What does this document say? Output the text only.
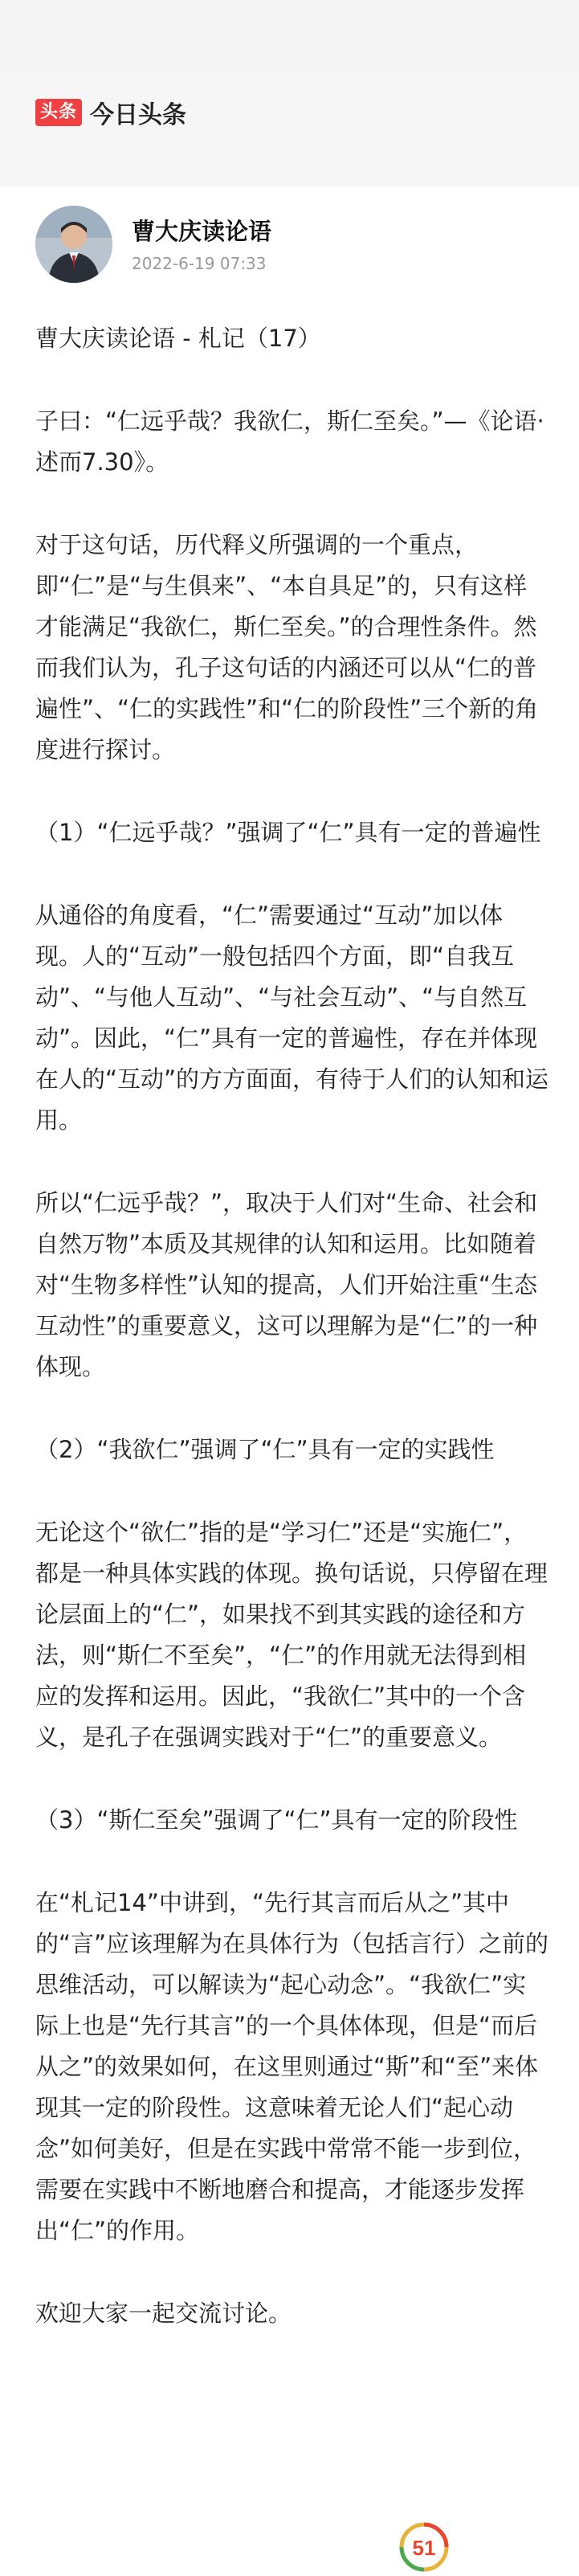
头条 今日头条
曹大庆读论语
2022-6-19 07:33

曹大庆读论语 - 札记（17）

子曰：“仁远乎哉？我欲仁，斯仁至矣。”—《论语·述而7.30》。

对于这句话，历代释义所强调的一个重点，即“仁”是“与生俱来”、“本自具足”的，只有这样才能满足“我欲仁，斯仁至矣。”的合理性条件。然而我们认为，孔子这句话的内涵还可以从“仁的普遍性”、“仁的实践性”和“仁的阶段性”三个新的角度进行探讨。

（1）“仁远乎哉？”强调了“仁”具有一定的普遍性

从通俗的角度看，“仁”需要通过“互动”加以体现。人的“互动”一般包括四个方面，即“自我互动”、“与他人互动”、“与社会互动”、“与自然互动”。因此，“仁”具有一定的普遍性，存在并体现在人的“互动”的方方面面，有待于人们的认知和运用。

所以“仁远乎哉？”，取决于人们对“生命、社会和自然万物”本质及其规律的认知和运用。比如随着对“生物多样性”认知的提高，人们开始注重“生态互动性”的重要意义，这可以理解为是“仁”的一种体现。

（2）“我欲仁”强调了“仁”具有一定的实践性

无论这个“欲仁”指的是“学习仁”还是“实施仁”，都是一种具体实践的体现。换句话说，只停留在理论层面上的“仁”，如果找不到其实践的途径和方法，则“斯仁不至矣”，“仁”的作用就无法得到相应的发挥和运用。因此，“我欲仁”其中的一个含义，是孔子在强调实践对于“仁”的重要意义。

（3）“斯仁至矣”强调了“仁”具有一定的阶段性

在“札记14”中讲到，“先行其言而后从之”其中的“言”应该理解为在具体行为（包括言行）之前的思维活动，可以解读为“起心动念”。“我欲仁”实际上也是“先行其言”的一个具体体现，但是“而后从之”的效果如何，在这里则通过“斯”和“至”来体现其一定的阶段性。这意味着无论人们“起心动念”如何美好，但是在实践中常常不能一步到位，需要在实践中不断地磨合和提高，才能逐步发挥出“仁”的作用。

欢迎大家一起交流讨论。

51
